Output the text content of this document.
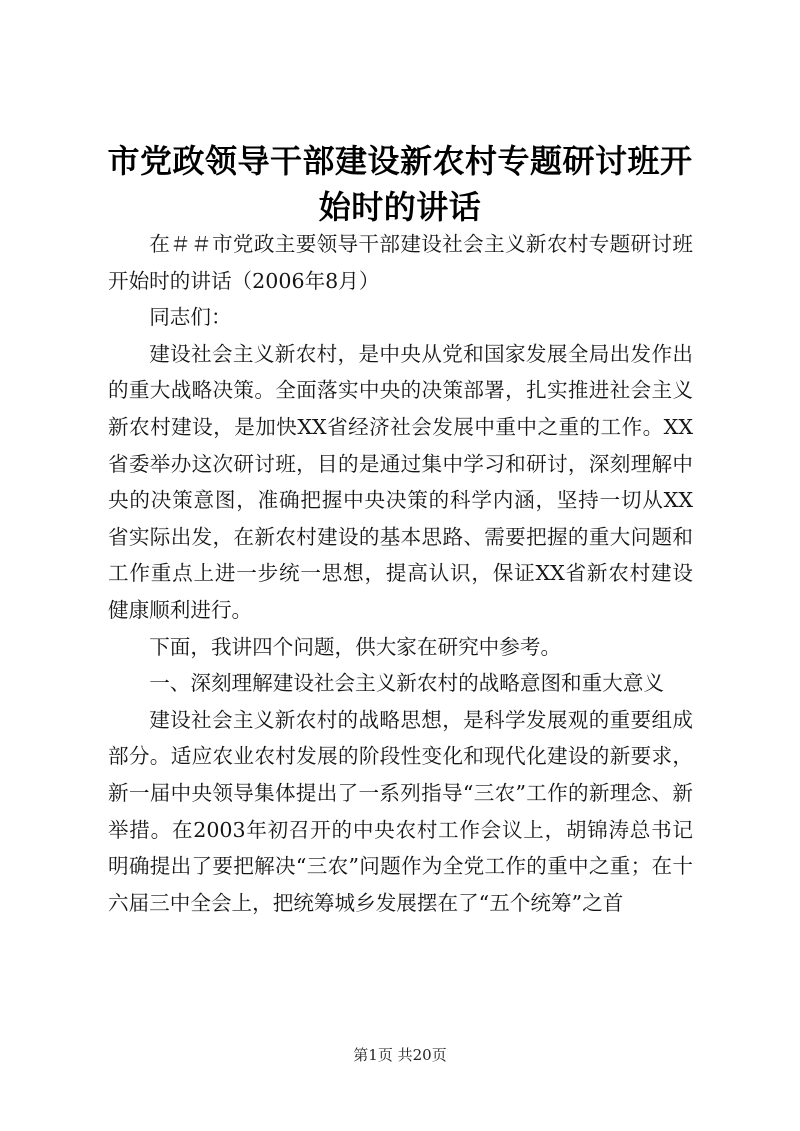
市党政领导干部建设新农村专题研讨班开始时的讲话

在＃＃市党政主要领导干部建设社会主义新农村专题研讨班开始时的讲话（2006年8月）

同志们：

建设社会主义新农村，是中央从党和国家发展全局出发作出的重大战略决策。全面落实中央的决策部署，扎实推进社会主义新农村建设，是加快XX省经济社会发展中重中之重的工作。XX省委举办这次研讨班，目的是通过集中学习和研讨，深刻理解中央的决策意图，准确把握中央决策的科学内涵，坚持一切从XX省实际出发，在新农村建设的基本思路、需要把握的重大问题和工作重点上进一步统一思想，提高认识，保证XX省新农村建设健康顺利进行。

下面，我讲四个问题，供大家在研究中参考。

一、深刻理解建设社会主义新农村的战略意图和重大意义

建设社会主义新农村的战略思想，是科学发展观的重要组成部分。适应农业农村发展的阶段性变化和现代化建设的新要求，新一届中央领导集体提出了一系列指导“三农”工作的新理念、新举措。在2003年初召开的中央农村工作会议上，胡锦涛总书记明确提出了要把解决“三农”问题作为全党工作的重中之重；在十六届三中全会上，把统筹城乡发展摆在了“五个统筹”之首

第1页 共20页
